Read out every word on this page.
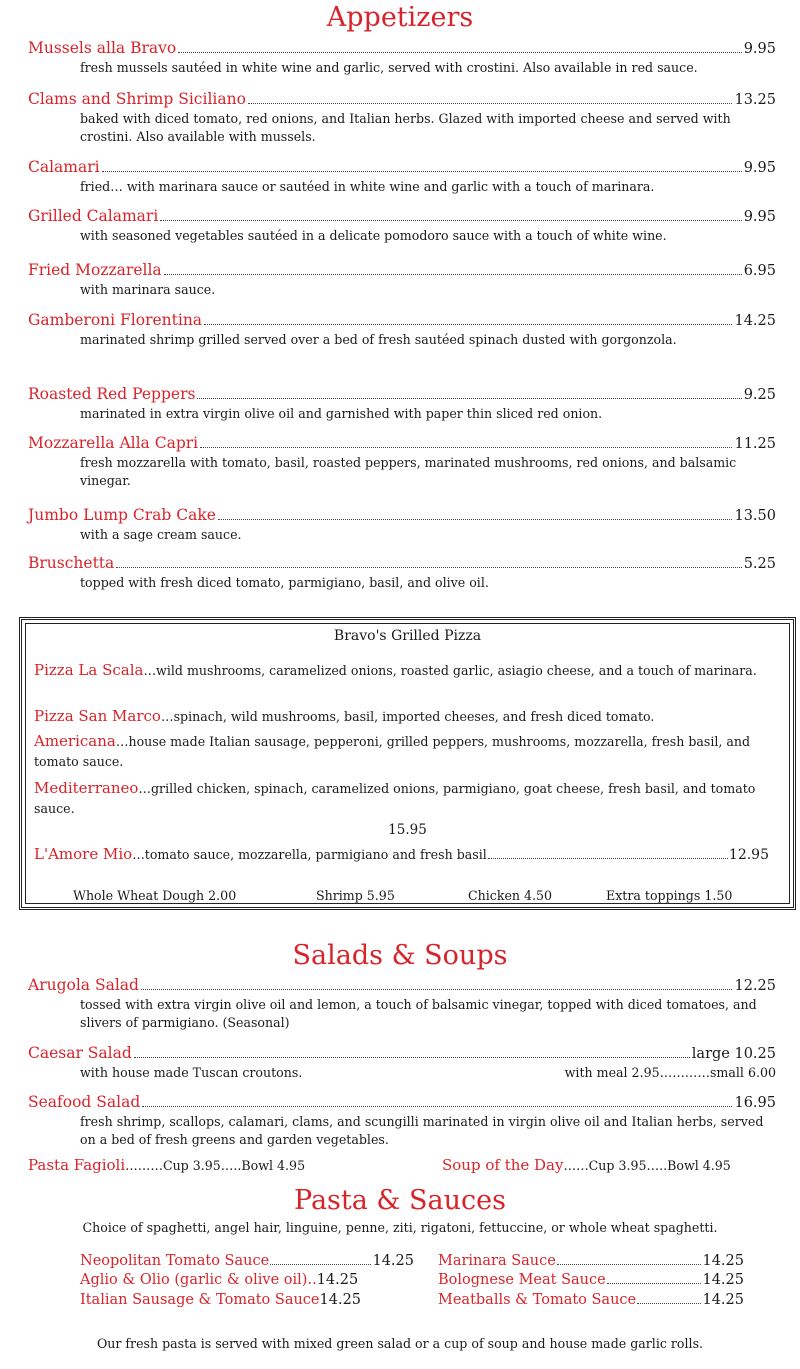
Appetizers
Mussels alla Bravo	9.95
fresh mussels sautéed in white wine and garlic, served with crostini. Also available in red sauce.
Clams and Shrimp Siciliano	13.25
baked with diced tomato, red onions, and Italian herbs. Glazed with imported cheese and served with crostini. Also available with mussels.
Calamari	9.95
fried… with marinara sauce or sautéed in white wine and garlic with a touch of marinara.
Grilled Calamari	9.95
with seasoned vegetables sautéed in a delicate pomodoro sauce with a touch of white wine.
Fried Mozzarella	6.95
with marinara sauce.
Gamberoni Florentina	14.25
marinated shrimp grilled served over a bed of fresh sautéed spinach dusted with gorgonzola.
Roasted Red Peppers	9.25
marinated in extra virgin olive oil and garnished with paper thin sliced red onion.
Mozzarella Alla Capri	11.25
fresh mozzarella with tomato, basil, roasted peppers, marinated mushrooms, red onions, and balsamic vinegar.
Jumbo Lump Crab Cake	13.50
with a sage cream sauce.
Bruschetta	5.25
topped with fresh diced tomato, parmigiano, basil, and olive oil.
Bravo's Grilled Pizza
Pizza La Scala…wild mushrooms, caramelized onions, roasted garlic, asiagio cheese, and a touch of marinara.
Pizza San Marco…spinach, wild mushrooms, basil, imported cheeses, and fresh diced tomato.
Americana…house made Italian sausage, pepperoni, grilled peppers, mushrooms, mozzarella, fresh basil, and tomato sauce.
Mediterraneo…grilled chicken, spinach, caramelized onions, parmigiano, goat cheese, fresh basil, and tomato sauce.
15.95
L'Amore Mio …tomato sauce, mozzarella, parmigiano and fresh basil	12.95
Whole Wheat Dough 2.00	Shrimp 5.95	Chicken 4.50	Extra toppings 1.50
Salads & Soups
Arugola Salad	12.25
tossed with extra virgin olive oil and lemon, a touch of balsamic vinegar, topped with diced tomatoes, and slivers of parmigiano. (Seasonal)
Caesar Salad	large 10.25
with house made Tuscan croutons.	with meal 2.95…………small 6.00
Seafood Salad	16.95
fresh shrimp, scallops, calamari, clams, and scungilli marinated in virgin olive oil and Italian herbs, served on a bed of fresh greens and garden vegetables.
Pasta Fagioli ………Cup 3.95…..Bowl 4.95	Soup of the Day ……Cup 3.95…..Bowl 4.95
Pasta & Sauces
Choice of spaghetti, angel hair, linguine, penne, ziti, rigatoni, fettuccine, or whole wheat spaghetti.
Neopolitan Tomato Sauce	14.25
Aglio & Olio (garlic & olive oil).. 14.25
Italian Sausage & Tomato Sauce 14.25
Marinara Sauce	14.25
Bolognese Meat Sauce	14.25
Meatballs & Tomato Sauce	14.25
Our fresh pasta is served with mixed green salad or a cup of soup and house made garlic rolls.
